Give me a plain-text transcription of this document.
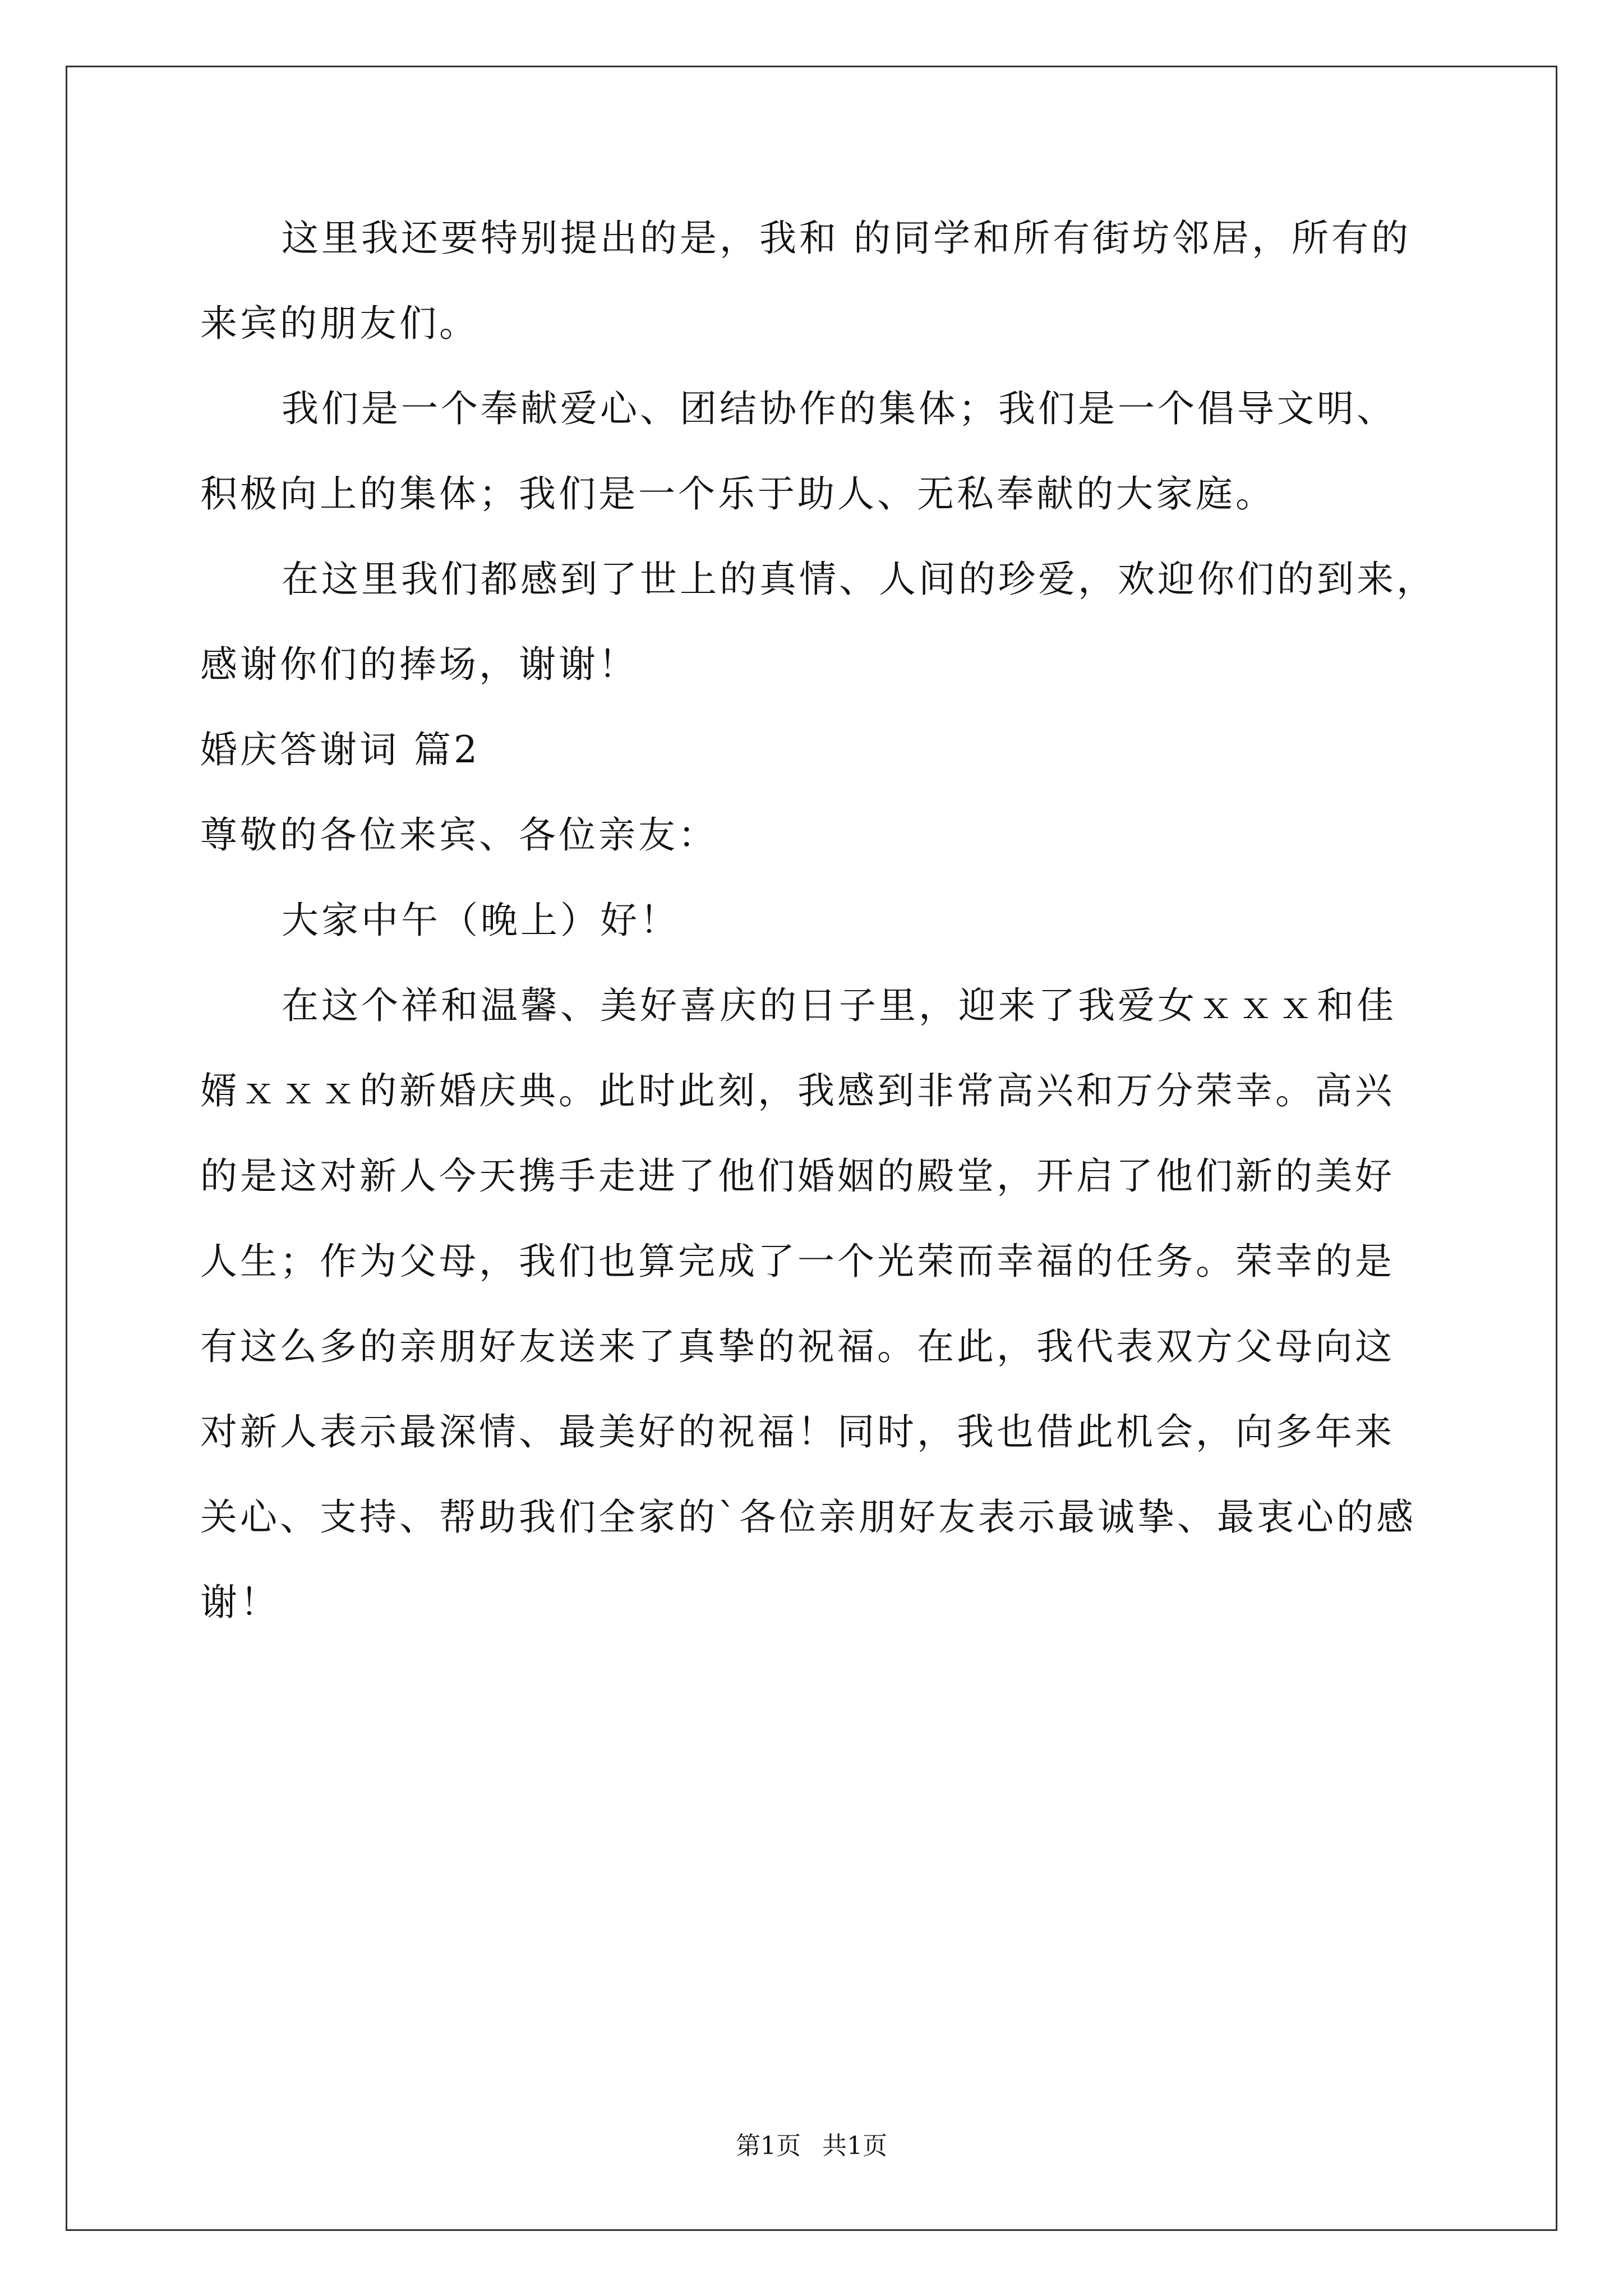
这里我还要特别提出的是，我和 的同学和所有街坊邻居，所有的
来宾的朋友们。
我们是一个奉献爱心、团结协作的集体；我们是一个倡导文明、
积极向上的集体；我们是一个乐于助人、无私奉献的大家庭。
在这里我们都感到了世上的真情、人间的珍爱，欢迎你们的到来，
感谢你们的捧场，谢谢！
婚庆答谢词 篇2
尊敬的各位来宾、各位亲友：
大家中午（晚上）好！
在这个祥和温馨、美好喜庆的日子里，迎来了我爱女ｘｘｘ和佳
婿ｘｘｘ的新婚庆典。此时此刻，我感到非常高兴和万分荣幸。高兴
的是这对新人今天携手走进了他们婚姻的殿堂，开启了他们新的美好
人生；作为父母，我们也算完成了一个光荣而幸福的任务。荣幸的是
有这么多的亲朋好友送来了真挚的祝福。在此，我代表双方父母向这
对新人表示最深情、最美好的祝福！同时，我也借此机会，向多年来
关心、支持、帮助我们全家的`各位亲朋好友表示最诚挚、最衷心的感
谢！
第1页 共1页
